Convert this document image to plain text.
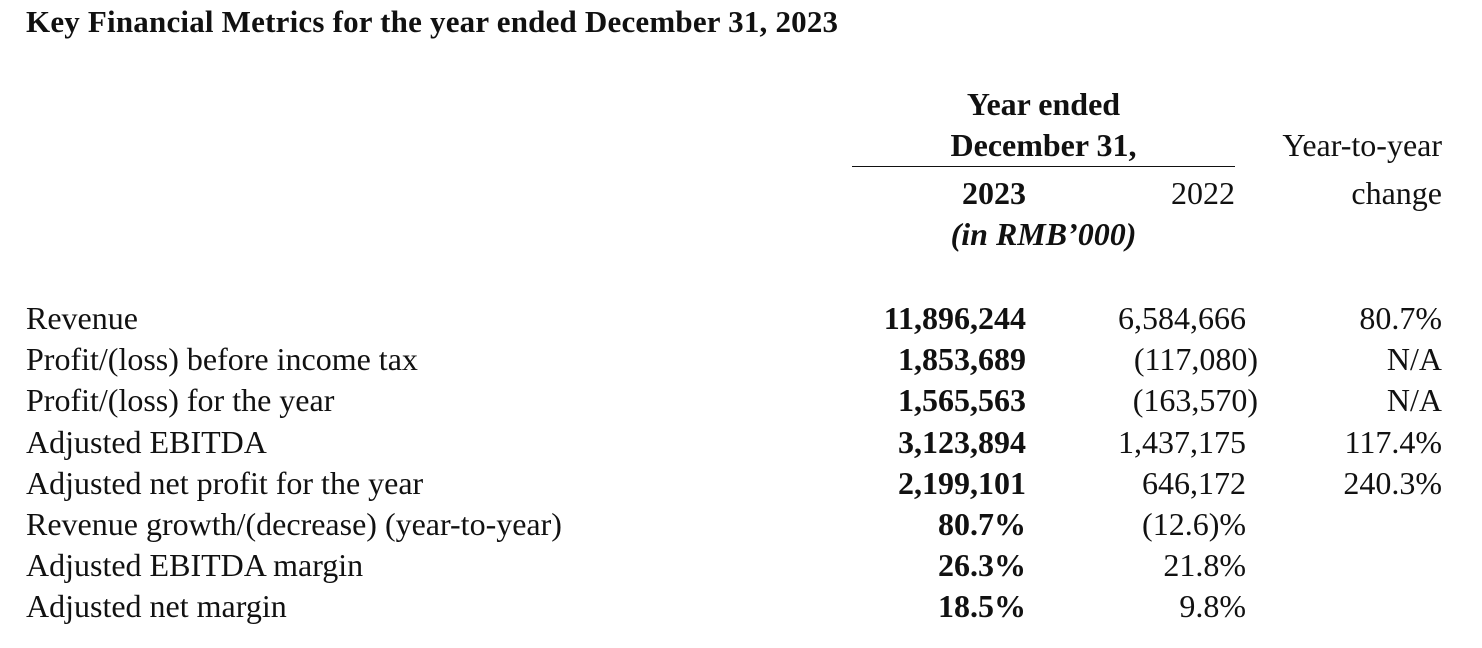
Key Financial Metrics for the year ended December 31, 2023
Year ended
December 31,
2023	2022
(in RMB’000)
Year-to-year
change
Revenue	11,896,244	6,584,666	80.7%
Profit/(loss) before income tax	1,853,689	(117,080)	N/A
Profit/(loss) for the year	1,565,563	(163,570)	N/A
Adjusted EBITDA	3,123,894	1,437,175	117.4%
Adjusted net profit for the year	2,199,101	646,172	240.3%
Revenue growth/(decrease) (year-to-year)	80.7%	(12.6)%
Adjusted EBITDA margin	26.3%	21.8%
Adjusted net margin	18.5%	9.8%
